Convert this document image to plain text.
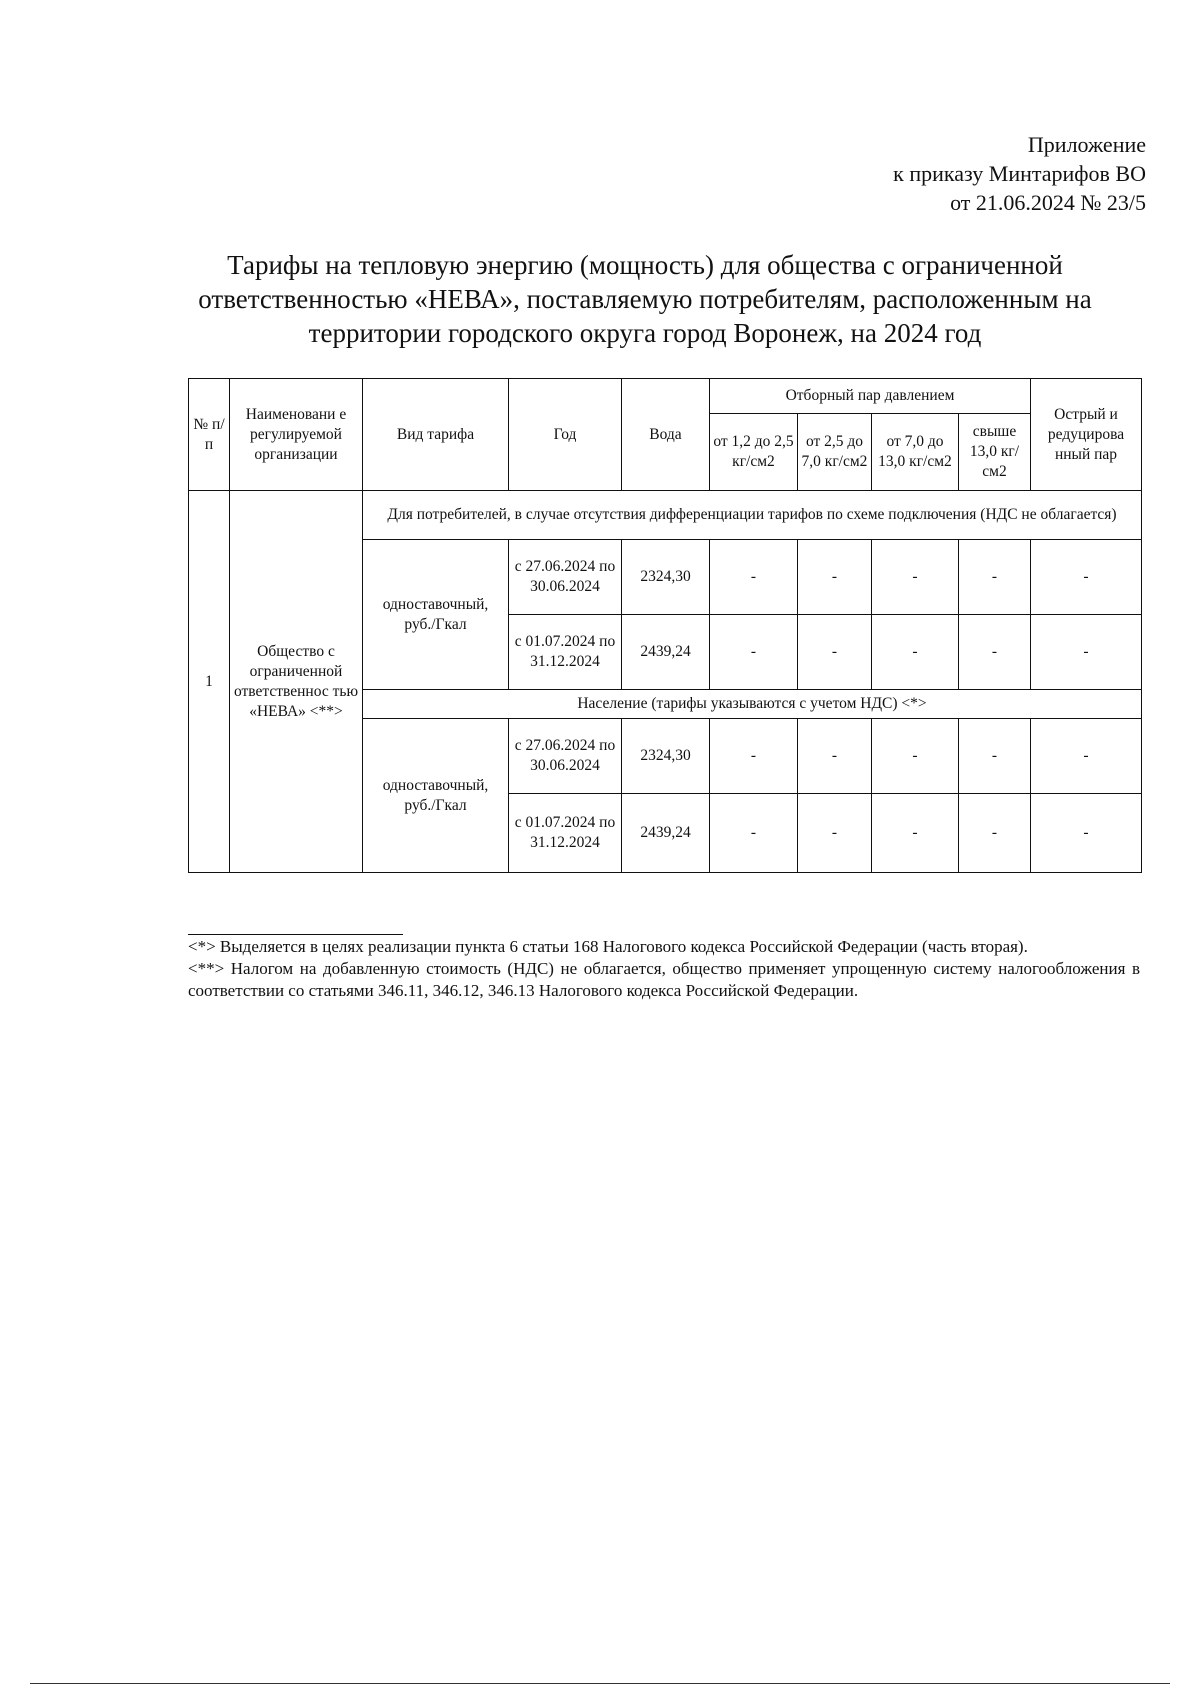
Приложение
к приказу Минтарифов ВО
от 21.06.2024 № 23/5
Тарифы на тепловую энергию (мощность) для общества с ограниченной ответственностью «НЕВА», поставляемую потребителям, расположенным на территории городского округа город Воронеж, на 2024 год
№ п/п	Наименовани е регулируемой организации	Вид тарифа	Год	Вода	Отборный пар давлением				Острый и редуцирова нный пар
					от 1,2 до 2,5 кг/см2	от 2,5 до 7,0 кг/см2	от 7,0 до 13,0 кг/см2	свыше 13,0 кг/см2	
1	Общество с ограниченной ответственнос тью «НЕВА» <**>	Для потребителей, в случае отсутствия дифференциации тарифов по схеме подключения (НДС не облагается)							
		одноставочный, руб./Гкал	с 27.06.2024 по 30.06.2024	2324,30	-	-	-	-	-
			с 01.07.2024 по 31.12.2024	2439,24	-	-	-	-	-
		Население (тарифы указываются с учетом НДС) <*>							
		одноставочный, руб./Гкал	с 27.06.2024 по 30.06.2024	2324,30	-	-	-	-	-
			с 01.07.2024 по 31.12.2024	2439,24	-	-	-	-	-

<*> Выделяется в целях реализации пункта 6 статьи 168 Налогового кодекса Российской Федерации (часть вторая).

<**> Налогом на добавленную стоимость (НДС) не облагается, общество применяет упрощенную систему налогообложения в соответствии со статьями 346.11, 346.12, 346.13 Налогового кодекса Российской Федерации.
